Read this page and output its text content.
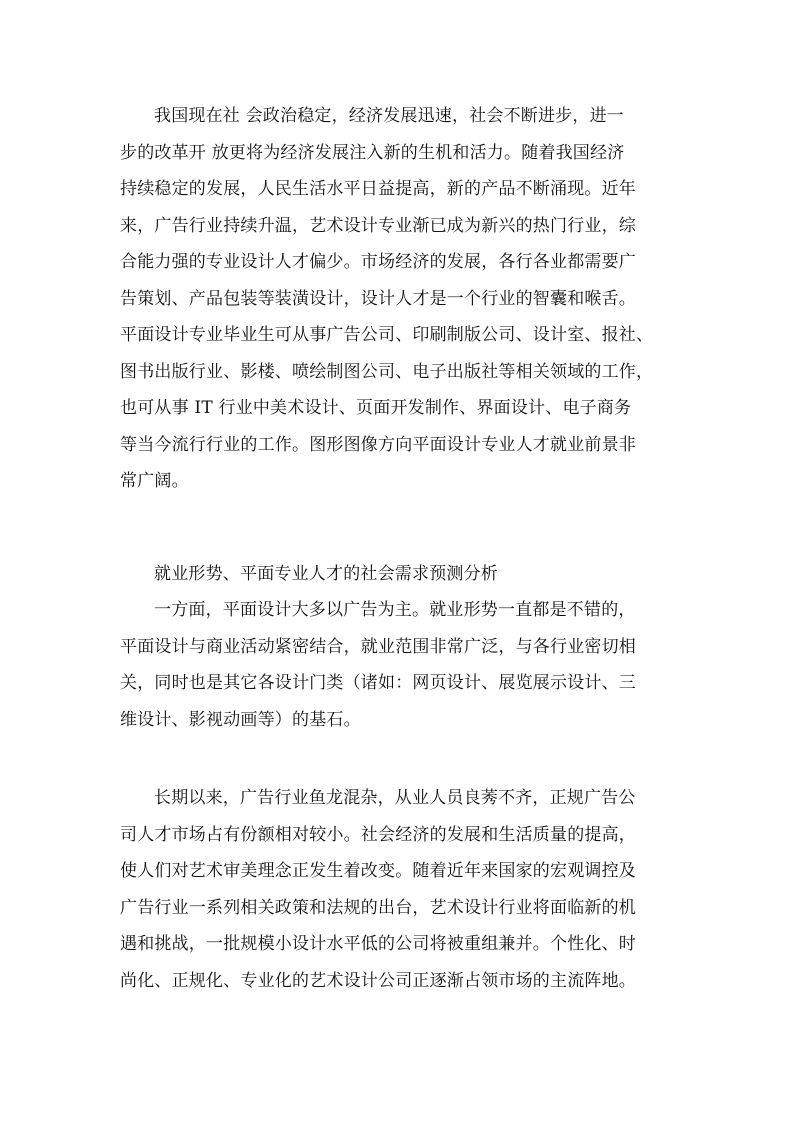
我国现在社 会政治稳定，经济发展迅速，社会不断进步，进一
步的改革开 放更将为经济发展注入新的生机和活力。随着我国经济
持续稳定的发展，人民生活水平日益提高，新的产品不断涌现。近年
来，广告行业持续升温，艺术设计专业渐已成为新兴的热门行业，综
合能力强的专业设计人才偏少。市场经济的发展，各行各业都需要广
告策划、产品包装等装潢设计，设计人才是一个行业的智囊和喉舌。
平面设计专业毕业生可从事广告公司、印刷制版公司、设计室、报社、
图书出版行业、影楼、喷绘制图公司、电子出版社等相关领域的工作，
也可从事 IT 行业中美术设计、页面开发制作、界面设计、电子商务
等当今流行行业的工作。图形图像方向平面设计专业人才就业前景非
常广阔。
就业形势、平面专业人才的社会需求预测分析
一方面，平面设计大多以广告为主。就业形势一直都是不错的，
平面设计与商业活动紧密结合，就业范围非常广泛，与各行业密切相
关，同时也是其它各设计门类（诸如：网页设计、展览展示设计、三
维设计、影视动画等）的基石。
长期以来，广告行业鱼龙混杂，从业人员良莠不齐，正规广告公
司人才市场占有份额相对较小。社会经济的发展和生活质量的提高，
使人们对艺术审美理念正发生着改变。随着近年来国家的宏观调控及
广告行业一系列相关政策和法规的出台，艺术设计行业将面临新的机
遇和挑战，一批规模小设计水平低的公司将被重组兼并。个性化、时
尚化、正规化、专业化的艺术设计公司正逐渐占领市场的主流阵地。
